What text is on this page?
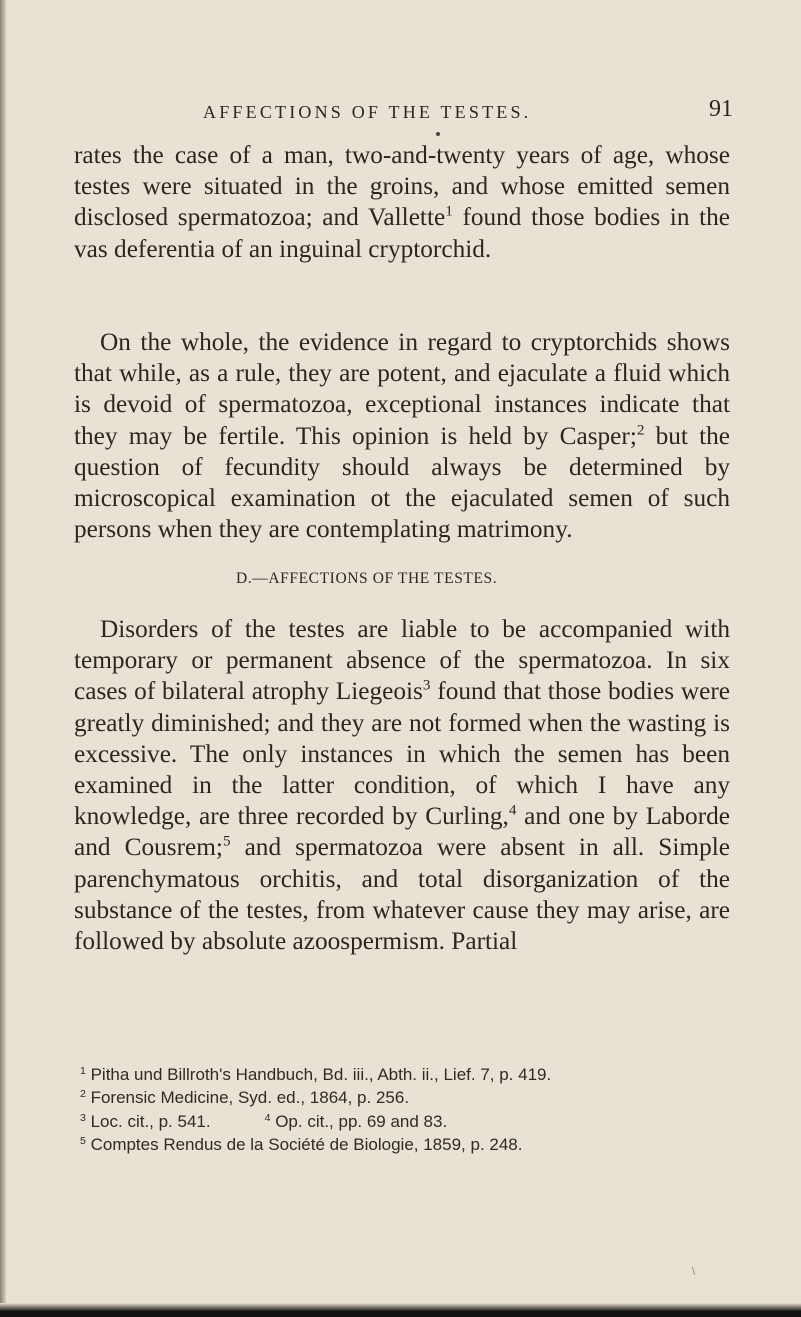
AFFECTIONS OF THE TESTES.	91
rates the case of a man, two-and-twenty years of age, whose testes were situated in the groins, and whose emitted semen disclosed spermatozoa; and Vallette$^1$ found those bodies in the vas deferentia of an inguinal cryptorchid.
On the whole, the evidence in regard to cryptorchids shows that while, as a rule, they are potent, and ejaculate a fluid which is devoid of spermatozoa, exceptional instances indicate that they may be fertile. This opinion is held by Casper;$^2$ but the question of fecundity should always be determined by microscopical examination ot the ejaculated semen of such persons when they are contemplating matrimony.
D.—AFFECTIONS OF THE TESTES.
Disorders of the testes are liable to be accompanied with temporary or permanent absence of the spermatozoa. In six cases of bilateral atrophy Liegeois$^3$ found that those bodies were greatly diminished; and they are not formed when the wasting is excessive. The only instances in which the semen has been examined in the latter condition, of which I have any knowledge, are three recorded by Curling,$^4$ and one by Laborde and Cousrem;$^5$ and spermatozoa were absent in all. Simple parenchymatous orchitis, and total disorganization of the substance of the testes, from whatever cause they may arise, are followed by absolute azoospermism. Partial
$^1$ Pitha und Billroth's Handbuch, Bd. iii., Abth. ii., Lief. 7, p. 419.
$^2$ Forensic Medicine, Syd. ed., 1864, p. 256.
$^3$ Loc. cit., p. 541.	$^4$ Op. cit., pp. 69 and 83.
$^5$ Comptes Rendus de la Société de Biologie, 1859, p. 248.
\
